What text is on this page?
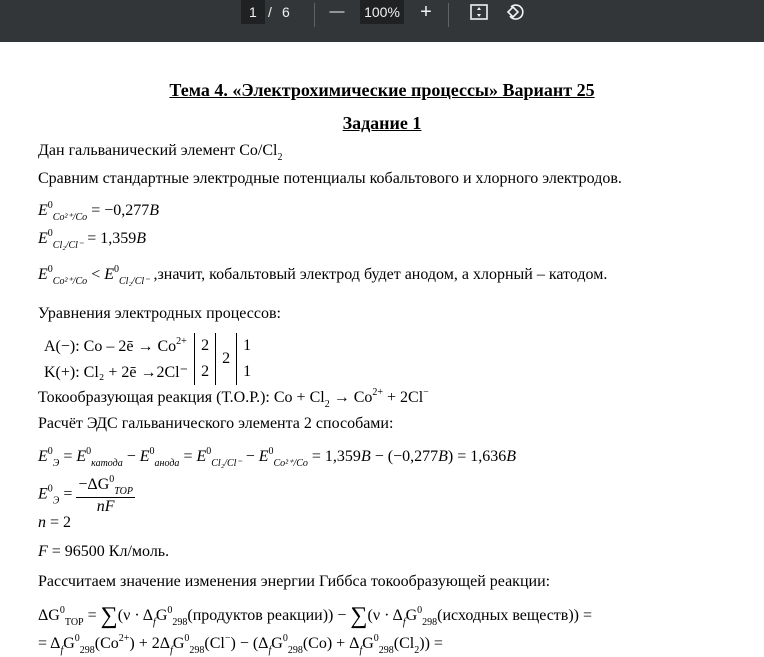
1 / 6	— 100% +
Тема 4. «Электрохимические процессы» Вариант 25
Задание 1
Дан гальванический элемент $Co/Cl_2$
Сравним стандартные электродные потенциалы кобальтового и хлорного электродов.
$E^0_{Co^{2+}/Co} = -0,277B$
$E^0_{Cl_2/Cl^-} = 1,359B$
$E^0_{Co^{2+}/Co} < E^0_{Cl_2/Cl^-}$ ,значит, кобальтовый электрод будет анодом, а хлорный – катодом.
Уравнения электродных процессов:
Токообразующая реакция (Т.О.Р.): $Co + Cl_2 \to Co^{2+} + 2Cl^-$
Расчёт ЭДС гальванического элемента 2 способами:
$E^0_Э = E^0_{катода} - E^0_{анода} = E^0_{Cl_2/Cl^-} - E^0_{Co^{2+}/Co} = 1,359B - (-0,277B) = 1,636B$
n = 2
F = 96500 Кл/моль.
Рассчитаем значение изменения энергии Гиббса токообразующей реакции:
$\Delta G^0_{ТОР} = \sum(\nu$ · $\Delta_fG^0_{298}(продуктов$ реакции)) − $\sum(\nu \cdot \Delta_fG^0_{298}(исходных$ веществ)) =
= $\Delta_fG^0_{298}(Co^{2+}) + 2\Delta_fG^0_{298}(Cl^-) - (\Delta_fG^0_{298}(Co) + \Delta_fG^0_{298}(Cl_2))$ =
A(−): Co – 2ē → $Co^{2+}$	2	2	1
K(+): Cl₂ + 2ē →2Cl⁻	2		1
$E^0_Э = \frac{-\Delta G^0_{TOP}}{nF}$
